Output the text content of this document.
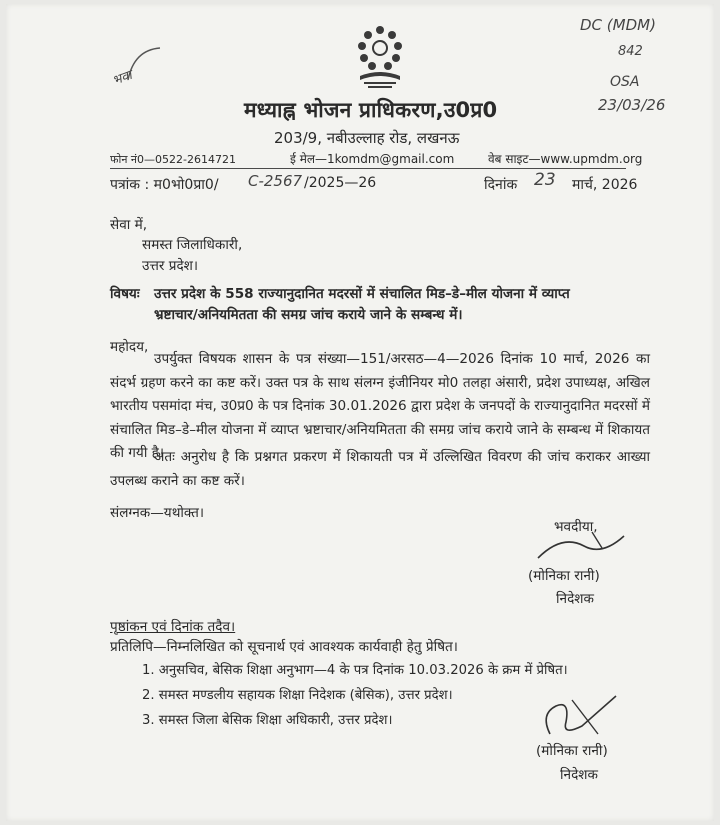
भवा
DC (MDM)
842
OSA
23/03/26
मध्याह्न भोजन प्राधिकरण,उ0प्र0
203/9, नबीउल्लाह रोड, लखनऊ
फोन नं0—0522-2614721	ई मेल—1komdm@gmail.com	वेब साइट—www.upmdm.org
पत्रांक : म0भो0प्रा0/ C-2567 /2025—26	दिनांक 23 मार्च, 2026
सेवा में,
समस्त जिलाधिकारी,
उत्तर प्रदेश।
विषयः उत्तर प्रदेश के 558 राज्यानुदानित मदरसों में संचालित मिड–डे–मील योजना में व्याप्त
भ्रष्टाचार/अनियमितता की समग्र जांच कराये जाने के सम्बन्ध में।
महोदय,
उपर्युक्त विषयक शासन के पत्र संख्या—151/अरसठ—4—2026 दिनांक 10 मार्च, 2026 का संदर्भ ग्रहण करने का कष्ट करें। उक्त पत्र के साथ संलग्न इंजीनियर मो0 तलहा अंसारी, प्रदेश उपाध्यक्ष, अखिल भारतीय पसमांदा मंच, उ0प्र0 के पत्र दिनांक 30.01.2026 द्वारा प्रदेश के जनपदों के राज्यानुदानित मदरसों में संचालित मिड–डे–मील योजना में व्याप्त भ्रष्टाचार/अनियमितता की समग्र जांच कराये जाने के सम्बन्ध में शिकायत की गयी है।
अतः अनुरोध है कि प्रश्नगत प्रकरण में शिकायती पत्र में उल्लिखित विवरण की जांच कराकर आख्या उपलब्ध कराने का कष्ट करें।
संलग्नक—यथोक्त।
भवदीया,
(मोनिका रानी)
निदेशक
पृष्ठांकन एवं दिनांक तदैव।
प्रतिलिपि—निम्नलिखित को सूचनार्थ एवं आवश्यक कार्यवाही हेतु प्रेषित।
1. अनुसचिव, बेसिक शिक्षा अनुभाग—4 के पत्र दिनांक 10.03.2026 के क्रम में प्रेषित।
2. समस्त मण्डलीय सहायक शिक्षा निदेशक (बेसिक), उत्तर प्रदेश।
3. समस्त जिला बेसिक शिक्षा अधिकारी, उत्तर प्रदेश।
(मोनिका रानी)
निदेशक
